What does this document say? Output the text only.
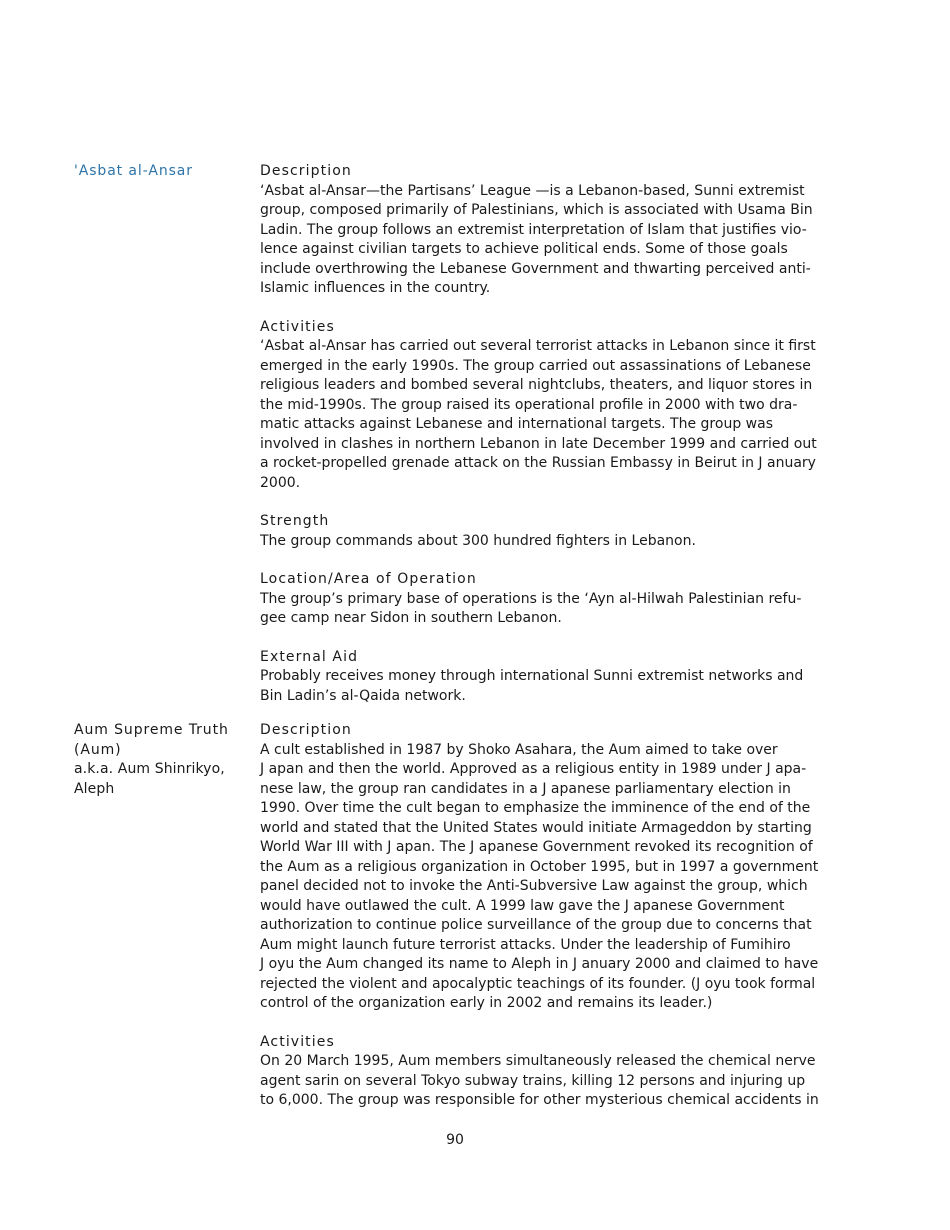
'Asbat al-Ansar	Description
‘Asbat al-Ansar—the Partisans’ League —is a Lebanon-based, Sunni extremist
group, composed primarily of Palestinians, which is associated with Usama Bin
Ladin. The group follows an extremist interpretation of Islam that justifies vio-
lence against civilian targets to achieve political ends. Some of those goals
include overthrowing the Lebanese Government and thwarting perceived anti-
Islamic influences in the country.
Activities
‘Asbat al-Ansar has carried out several terrorist attacks in Lebanon since it first
emerged in the early 1990s. The group carried out assassinations of Lebanese
religious leaders and bombed several nightclubs, theaters, and liquor stores in
the mid-1990s. The group raised its operational profile in 2000 with two dra-
matic attacks against Lebanese and international targets. The group was
involved in clashes in northern Lebanon in late December 1999 and carried out
a rocket-propelled grenade attack on the Russian Embassy in Beirut in J anuary
2000.
Strength
The group commands about 300 hundred fighters in Lebanon.
Location/Area of Operation
The group’s primary base of operations is the ‘Ayn al-Hilwah Palestinian refu-
gee camp near Sidon in southern Lebanon.
External Aid
Probably receives money through international Sunni extremist networks and
Bin Ladin’s al-Qaida network.
Aum Supreme Truth
(Aum)
a.k.a. Aum Shinrikyo,
Aleph
Description
A cult established in 1987 by Shoko Asahara, the Aum aimed to take over
J apan and then the world. Approved as a religious entity in 1989 under J apa-
nese law, the group ran candidates in a J apanese parliamentary election in
1990. Over time the cult began to emphasize the imminence of the end of the
world and stated that the United States would initiate Armageddon by starting
World War III with J apan. The J apanese Government revoked its recognition of
the Aum as a religious organization in October 1995, but in 1997 a government
panel decided not to invoke the Anti-Subversive Law against the group, which
would have outlawed the cult. A 1999 law gave the J apanese Government
authorization to continue police surveillance of the group due to concerns that
Aum might launch future terrorist attacks. Under the leadership of Fumihiro
J oyu the Aum changed its name to Aleph in J anuary 2000 and claimed to have
rejected the violent and apocalyptic teachings of its founder. (J oyu took formal
control of the organization early in 2002 and remains its leader.)
Activities
On 20 March 1995, Aum members simultaneously released the chemical nerve
agent sarin on several Tokyo subway trains, killing 12 persons and injuring up
to 6,000. The group was responsible for other mysterious chemical accidents in
90
